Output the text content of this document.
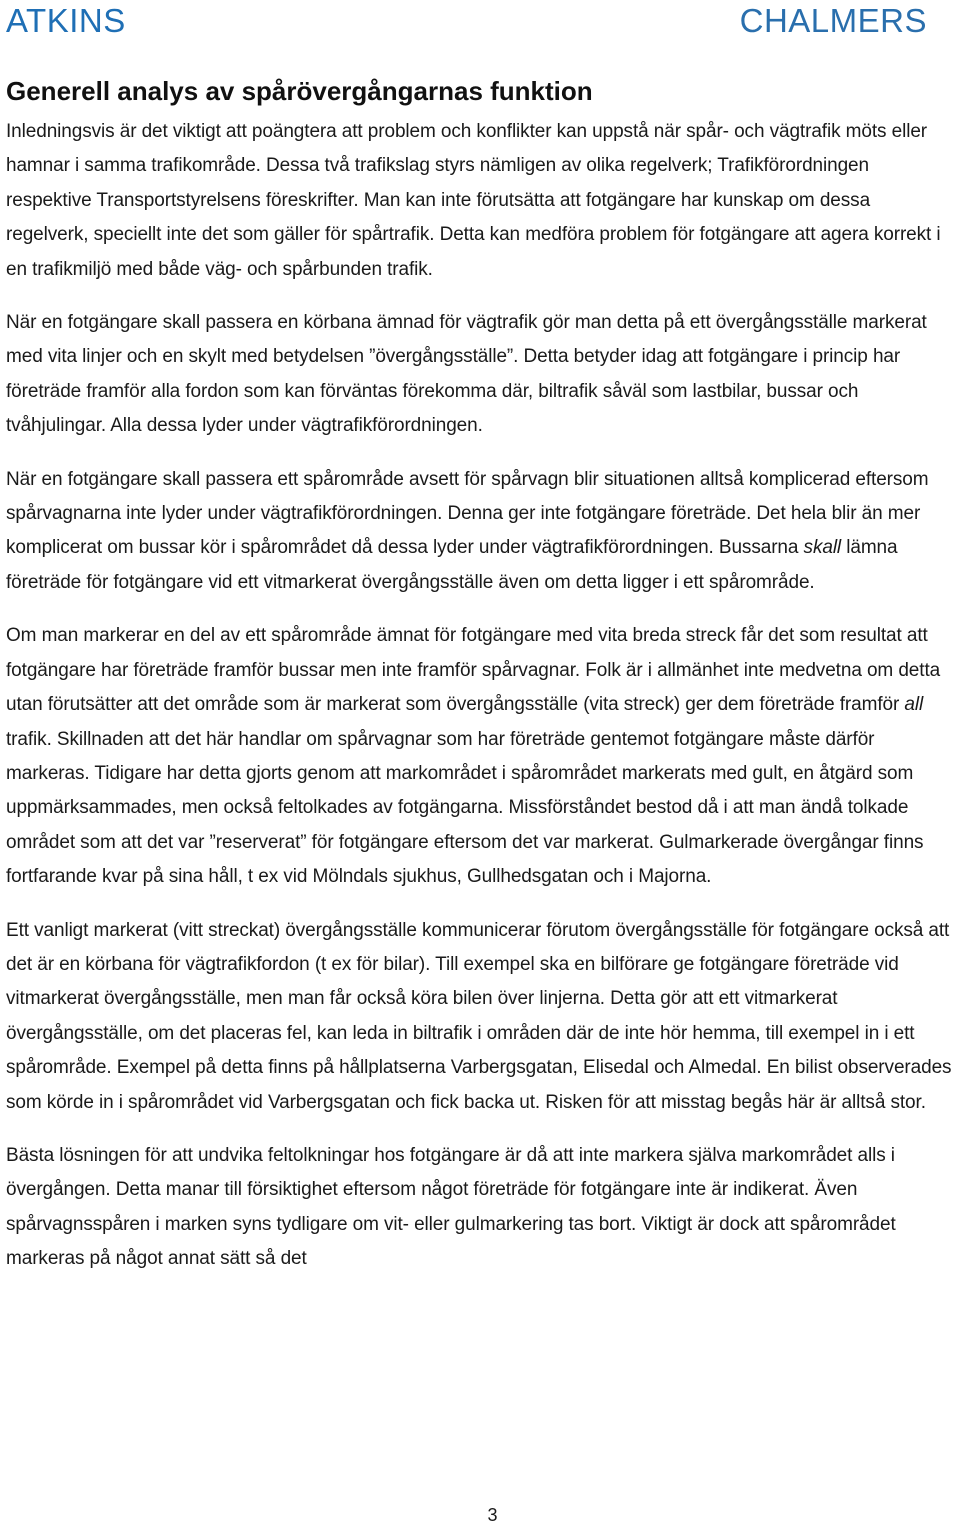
ATKINS	CHALMERS
Generell analys av spårövergångarnas funktion

Inledningsvis är det viktigt att poängtera att problem och konflikter kan uppstå när spår- och vägtrafik möts eller hamnar i samma trafikområde. Dessa två trafikslag styrs nämligen av olika regelverk; Trafikförordningen respektive Transportstyrelsens föreskrifter. Man kan inte förutsätta att fotgängare har kunskap om dessa regelverk, speciellt inte det som gäller för spårtrafik. Detta kan medföra problem för fotgängare att agera korrekt i en trafikmiljö med både väg- och spårbunden trafik.

När en fotgängare skall passera en körbana ämnad för vägtrafik gör man detta på ett övergångsställe markerat med vita linjer och en skylt med betydelsen ”övergångsställe”. Detta betyder idag att fotgängare i princip har företräde framför alla fordon som kan förväntas förekomma där, biltrafik såväl som lastbilar, bussar och tvåhjulingar. Alla dessa lyder under vägtrafikförordningen.

När en fotgängare skall passera ett spårområde avsett för spårvagn blir situationen alltså komplicerad eftersom spårvagnarna inte lyder under vägtrafikförordningen. Denna ger inte fotgängare företräde. Det hela blir än mer komplicerat om bussar kör i spårområdet då dessa lyder under vägtrafikförordningen. Bussarna skall lämna företräde för fotgängare vid ett vitmarkerat övergångsställe även om detta ligger i ett spårområde.

Om man markerar en del av ett spårområde ämnat för fotgängare med vita breda streck får det som resultat att fotgängare har företräde framför bussar men inte framför spårvagnar. Folk är i allmänhet inte medvetna om detta utan förutsätter att det område som är markerat som övergångsställe (vita streck) ger dem företräde framför all trafik. Skillnaden att det här handlar om spårvagnar som har företräde gentemot fotgängare måste därför markeras. Tidigare har detta gjorts genom att markområdet i spårområdet markerats med gult, en åtgärd som uppmärksammades, men också feltolkades av fotgängarna. Missförståndet bestod då i att man ändå tolkade området som att det var ”reserverat” för fotgängare eftersom det var markerat. Gulmarkerade övergångar finns fortfarande kvar på sina håll, t ex vid Mölndals sjukhus, Gullhedsgatan och i Majorna.

Ett vanligt markerat (vitt streckat) övergångsställe kommunicerar förutom övergångsställe för fotgängare också att det är en körbana för vägtrafikfordon (t ex för bilar). Till exempel ska en bilförare ge fotgängare företräde vid vitmarkerat övergångsställe, men man får också köra bilen över linjerna. Detta gör att ett vitmarkerat övergångsställe, om det placeras fel, kan leda in biltrafik i områden där de inte hör hemma, till exempel in i ett spårområde. Exempel på detta finns på hållplatserna Varbergsgatan, Elisedal och Almedal. En bilist observerades som körde in i spårområdet vid Varbergsgatan och fick backa ut. Risken för att misstag begås här är alltså stor.

Bästa lösningen för att undvika feltolkningar hos fotgängare är då att inte markera själva markområdet alls i övergången. Detta manar till försiktighet eftersom något företräde för fotgängare inte är indikerat. Även spårvagnsspåren i marken syns tydligare om vit- eller gulmarkering tas bort. Viktigt är dock att spårområdet markeras på något annat sätt så det

3
